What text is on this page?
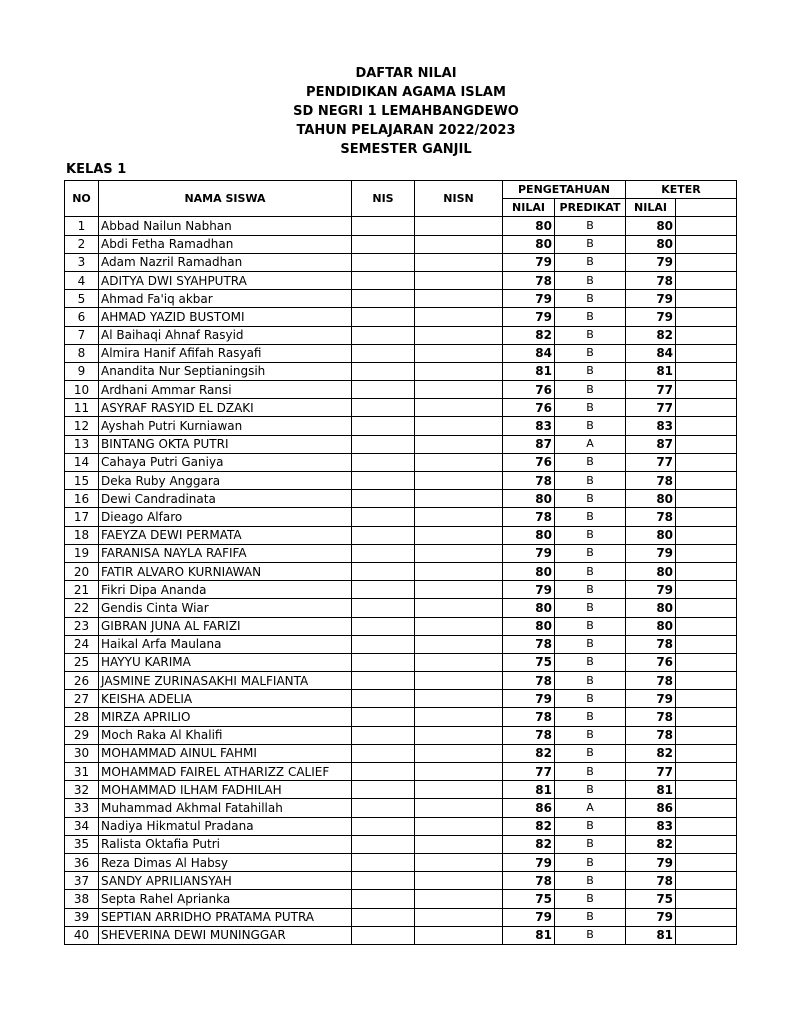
DAFTAR NILAI
PENDIDIKAN AGAMA ISLAM
SD NEGRI 1 LEMAHBANGDEWO
TAHUN PELAJARAN 2022/2023
SEMESTER GANJIL
KELAS 1
NO	NAMA SISWA	NIS	NISN	PENGETAHUAN		KETER	
				NILAI	PREDIKAT	NILAI	
1	Abbad Nailun Nabhan			80	B	80	
2	Abdi Fetha Ramadhan			80	B	80	
3	Adam Nazril Ramadhan			79	B	79	
4	ADITYA DWI SYAHPUTRA			78	B	78	
5	Ahmad Fa'iq akbar			79	B	79	
6	AHMAD YAZID BUSTOMI			79	B	79	
7	Al Baihaqi Ahnaf Rasyid			82	B	82	
8	Almira Hanif Afifah Rasyafi			84	B	84	
9	Anandita Nur Septianingsih			81	B	81	
10	Ardhani Ammar Ransi			76	B	77	
11	ASYRAF RASYID EL DZAKI			76	B	77	
12	Ayshah Putri Kurniawan			83	B	83	
13	BINTANG OKTA PUTRI			87	A	87	
14	Cahaya Putri Ganiya			76	B	77	
15	Deka Ruby Anggara			78	B	78	
16	Dewi Candradinata			80	B	80	
17	Dieago Alfaro			78	B	78	
18	FAEYZA DEWI PERMATA			80	B	80	
19	FARANISA NAYLA RAFIFA			79	B	79	
20	FATIR ALVARO KURNIAWAN			80	B	80	
21	Fikri Dipa Ananda			79	B	79	
22	Gendis Cinta Wiar			80	B	80	
23	GIBRAN JUNA AL FARIZI			80	B	80	
24	Haikal Arfa Maulana			78	B	78	
25	HAYYU KARIMA			75	B	76	
26	JASMINE ZURINASAKHI MALFIANTA			78	B	78	
27	KEISHA ADELIA			79	B	79	
28	MIRZA APRILIO			78	B	78	
29	Moch Raka Al Khalifi			78	B	78	
30	MOHAMMAD AINUL FAHMI			82	B	82	
31	MOHAMMAD FAIREL ATHARIZZ CALIEF			77	B	77	
32	MOHAMMAD ILHAM FADHILAH			81	B	81	
33	Muhammad Akhmal Fatahillah			86	A	86	
34	Nadiya Hikmatul Pradana			82	B	83	
35	Ralista Oktafia Putri			82	B	82	
36	Reza Dimas Al Habsy			79	B	79	
37	SANDY APRILIANSYAH			78	B	78	
38	Septa Rahel Aprianka			75	B	75	
39	SEPTIAN ARRIDHO PRATAMA PUTRA			79	B	79	
40	SHEVERINA DEWI MUNINGGAR			81	B	81	
